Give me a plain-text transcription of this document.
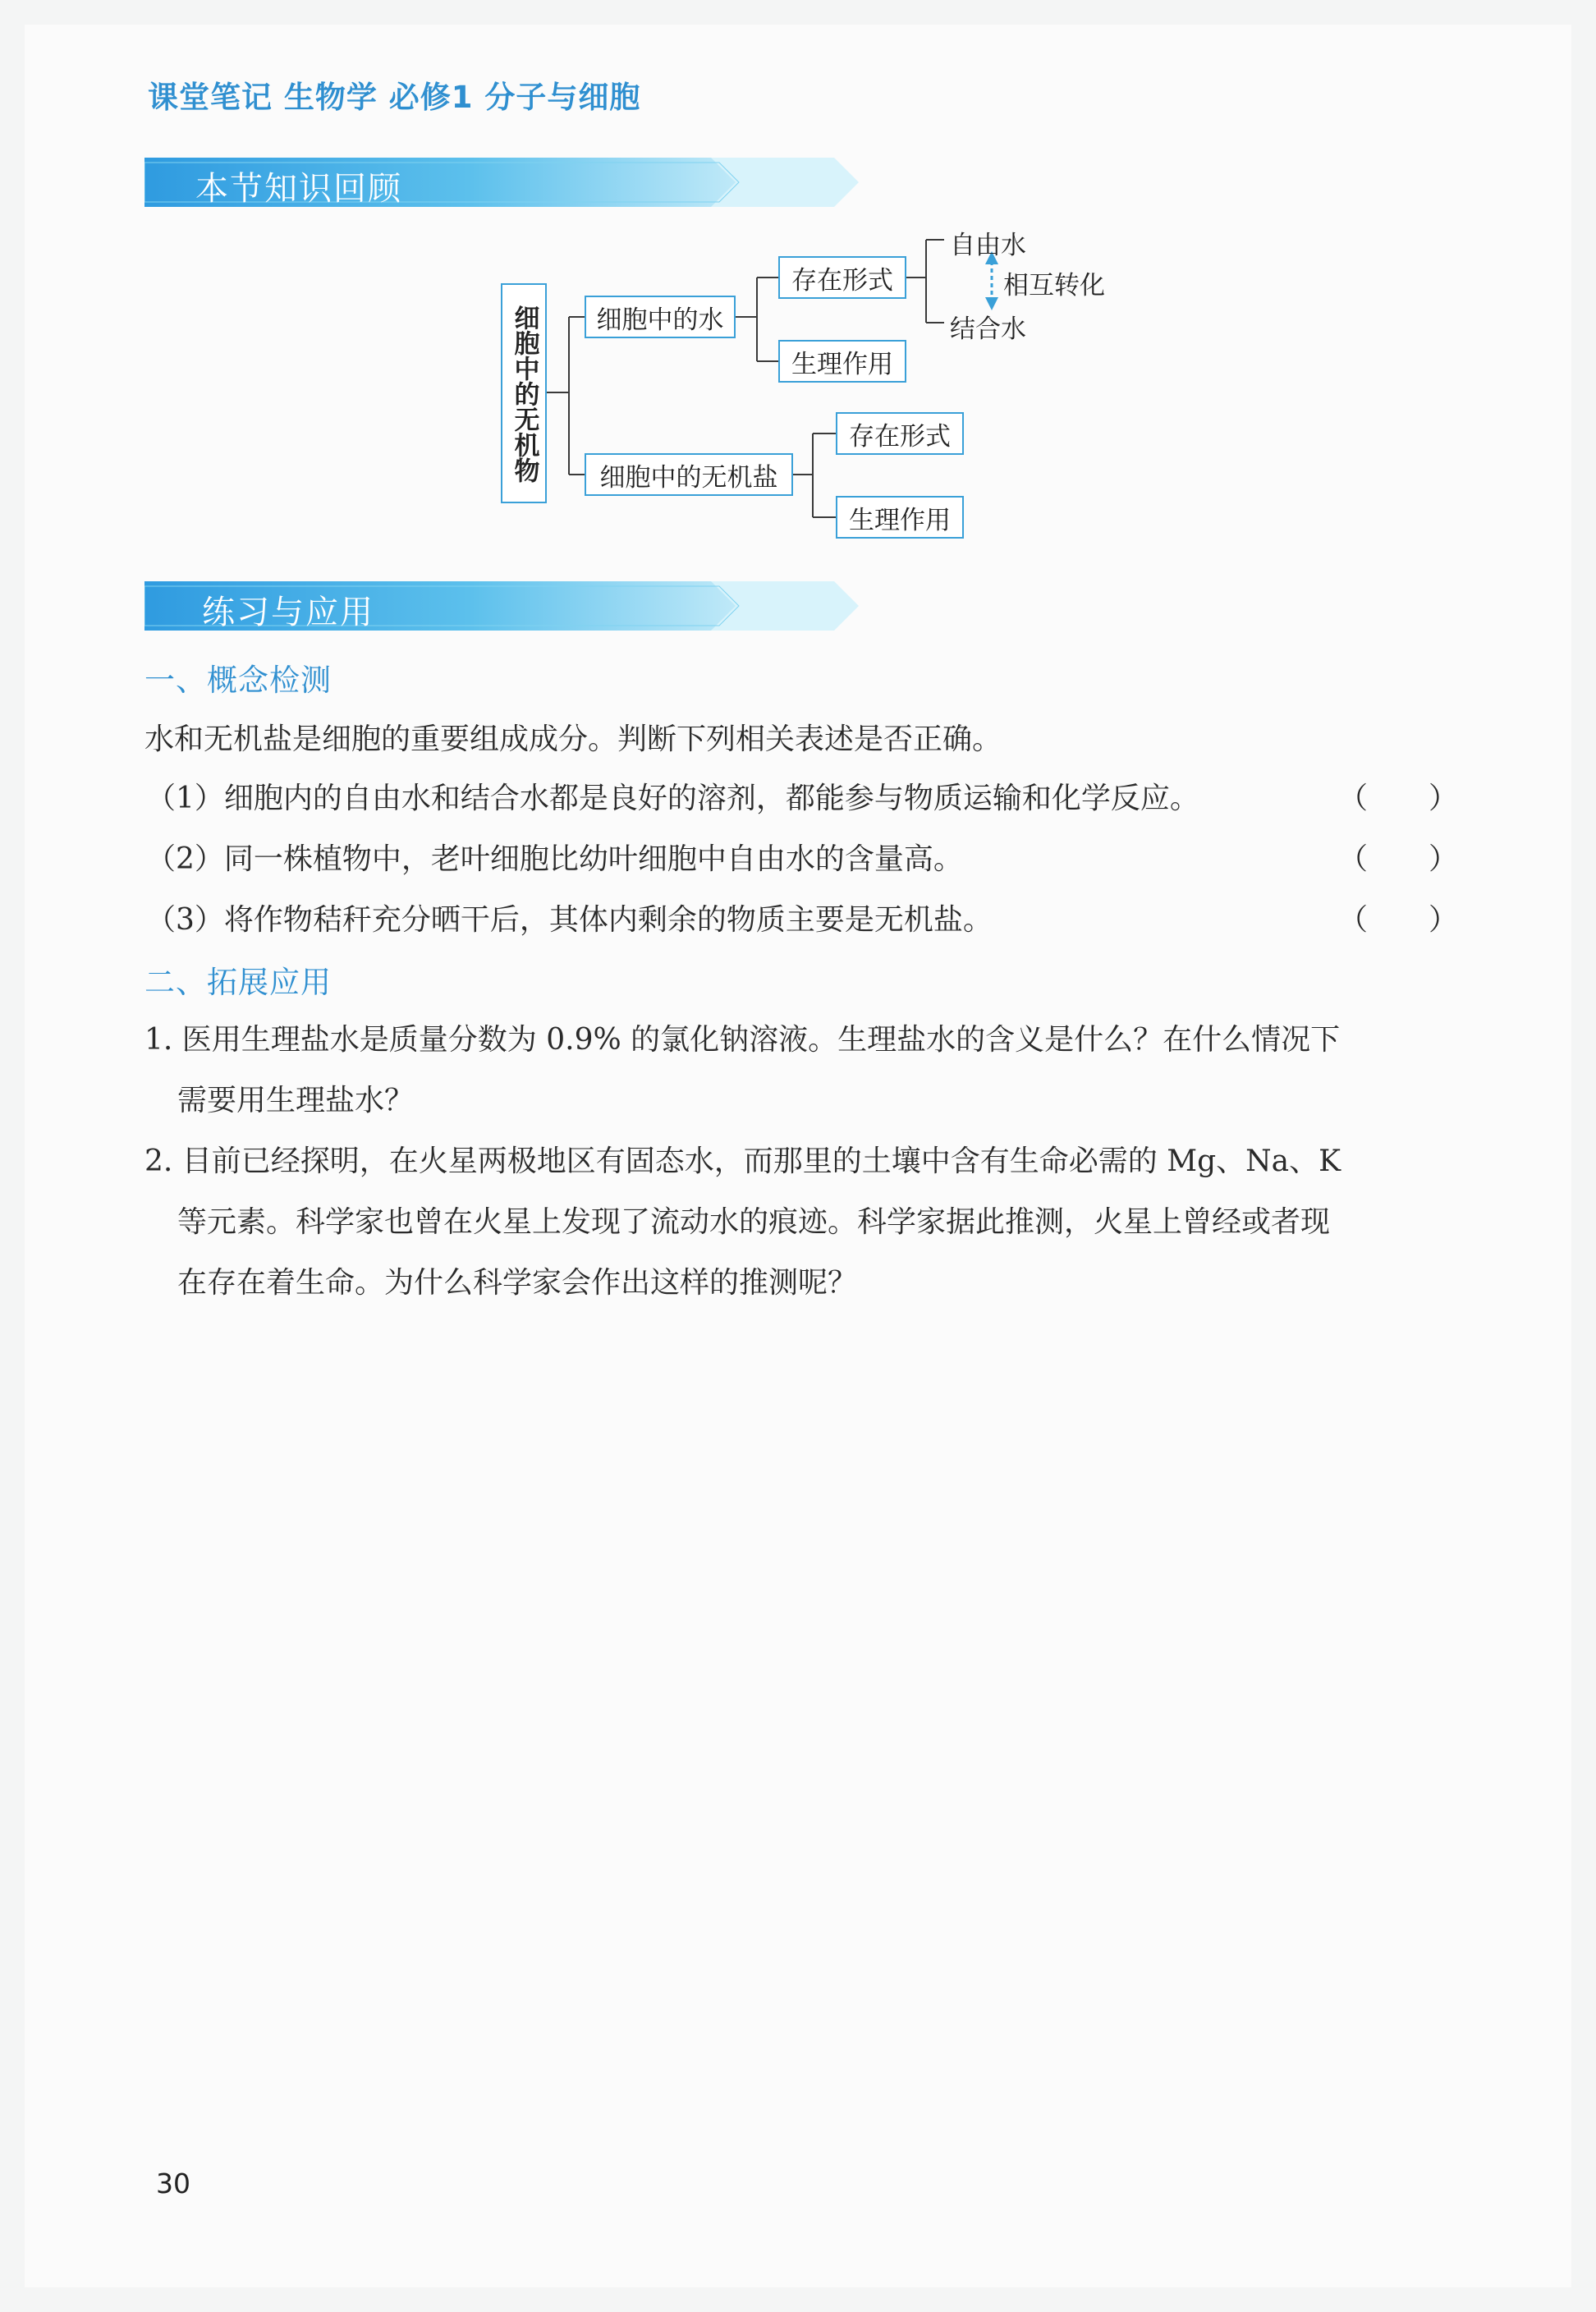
课堂笔记 生物学 必修1 分子与细胞
本节知识回顾
细胞中的无机物	细胞中的水
存在形式
生理作用
自由水
相互转化
结合水
细胞中的无机盐
存在形式
生理作用
练习与应用
一、概念检测
水和无机盐是细胞的重要组成成分。判断下列相关表述是否正确。
（1）细胞内的自由水和结合水都是良好的溶剂，都能参与物质运输和化学反应。	（ ）
（2）同一株植物中，老叶细胞比幼叶细胞中自由水的含量高。	（ ）
（3）将作物秸秆充分晒干后，其体内剩余的物质主要是无机盐。	（ ）
二、拓展应用
1. 医用生理盐水是质量分数为 0.9% 的氯化钠溶液。生理盐水的含义是什么？在什么情况下
需要用生理盐水？
2. 目前已经探明，在火星两极地区有固态水，而那里的土壤中含有生命必需的 Mg、Na、K
等元素。科学家也曾在火星上发现了流动水的痕迹。科学家据此推测，火星上曾经或者现
在存在着生命。为什么科学家会作出这样的推测呢？
30
